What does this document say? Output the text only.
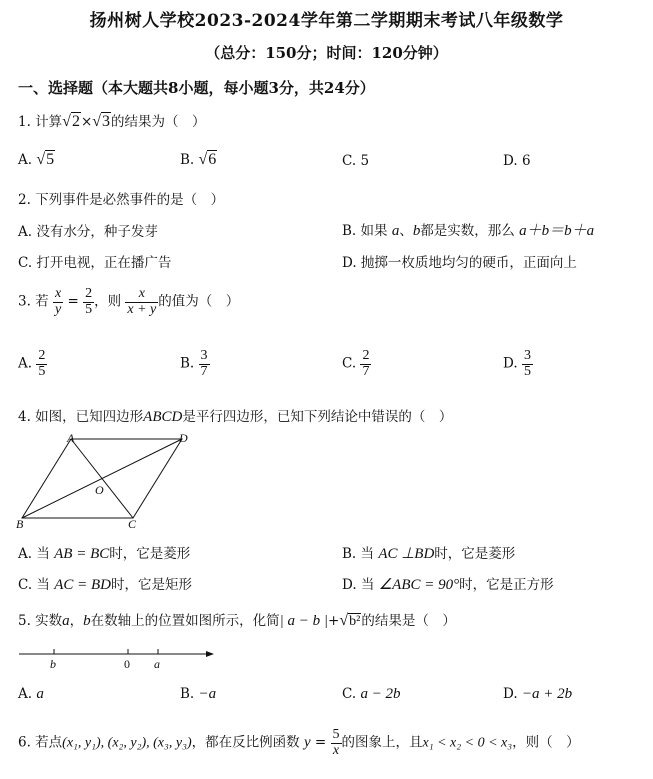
扬州树人学校2023-2024学年第二学期期末考试八年级数学
（总分：150分；时间：120分钟）
一、选择题（本大题共8小题，每小题3分，共24分）
1. 计算√2×√3的结果为（　）
A. √5	B. √6	C. 5	D. 6
2. 下列事件是必然事件的是（　）
A. 没有水分，种子发芽	B. 如果 a、b都是实数，那么 a＋b＝b＋a
C. 打开电视，正在播广告	D. 抛掷一枚质地均匀的硬币，正面向上
3. 若 $\frac{x}{y} = \frac{2}{5}$ ，则 $\frac{x}{x + y}$ 的值为（　）
A. $\frac{2}{5}$	B. $\frac{3}{7}$	C. $\frac{2}{7}$	D. $\frac{3}{5}$
4. 如图，已知四边形ABCD是平行四边形，已知下列结论中错误的（　）
A	D
B	C
O
A. 当 AB = BC时，它是菱形	B. 当 AC ⊥BD时，它是菱形
C. 当 AC = BD时，它是矩形	D. 当 ∠ABC = 90°时，它是正方形
5. 实数a，b在数轴上的位置如图所示，化简| a − b |+√b²的结果是（　）
b	0 a
A. a	B. −a	C. a − 2b	D. −a + 2b
6. 若点(x₁, y₁), (x₂, y₂), (x₃, y₃)，都在反比例函数 $y = \frac{5}{x}$ 的图象上，且x₁ < x₂ < 0 < x₃，则（　）
